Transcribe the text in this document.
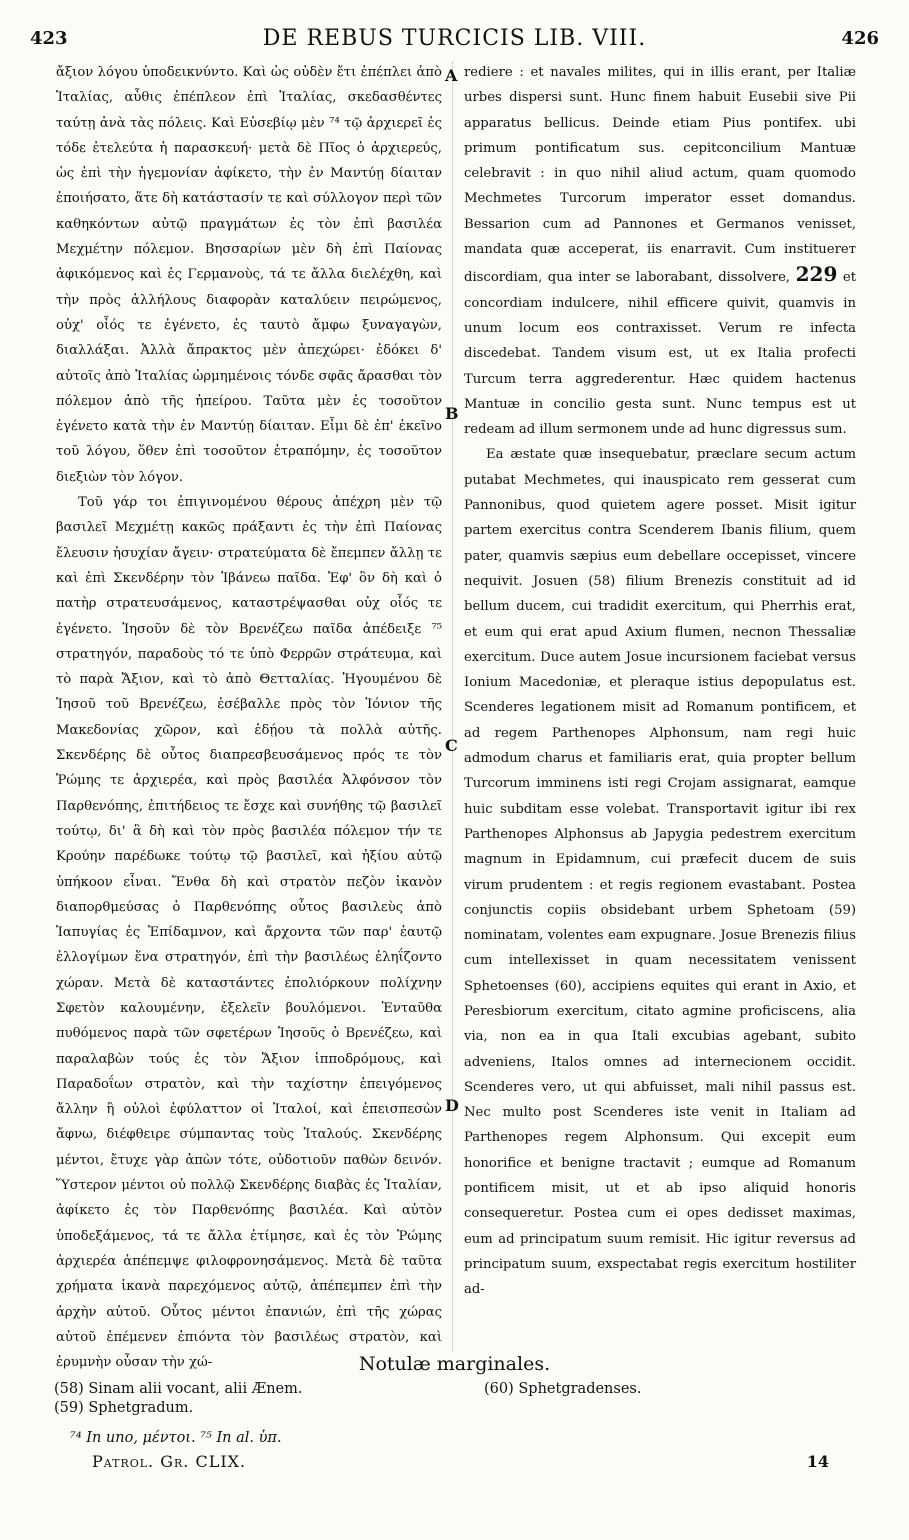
423	DE REBUS TURCICIS LIB. VIII.	426

ἄξιον λόγου ὑποδεικνύντο. Καὶ ὡς οὐδὲν ἔτι ἐπέπλει ἀπὸ Ἰταλίας, αὖθις ἐπέπλεον ἐπὶ Ἰταλίας, σκεδασθέντες ταύτῃ ἀνὰ τὰς πόλεις. Καὶ Εὐσεβίῳ μὲν ⁷⁴ τῷ ἀρχιερεῖ ἐς τόδε ἐτελεύτα ἡ παρασκευή· μετὰ δὲ Πῖος ὁ ἀρχιερεύς, ὡς ἐπὶ τὴν ἡγεμονίαν ἀφίκετο, τὴν ἐν Μαντύῃ δίαιταν ἐποιήσατο, ἅτε δὴ κατάστασίν τε καὶ σύλλογον περὶ τῶν καθηκόντων αὐτῷ πραγμάτων ἐς τὸν ἐπὶ βασιλέα Μεχμέτην πόλεμον. Βησσαρίων μὲν δὴ ἐπὶ Παίονας ἀφικόμενος καὶ ἐς Γερμανοὺς, τά τε ἄλλα διελέχθη, καὶ τὴν πρὸς ἀλλήλους διαφορὰν καταλύειν πειρώμενος, οὐχ' οἷός τε ἐγένετο, ἐς ταυτὸ ἄμφω ξυναγαγὼν, διαλλάξαι. Ἀλλὰ ἄπρακτος μὲν ἀπεχώρει· ἐδόκει δ' αὐτοῖς ἀπὸ Ἰταλίας ὡρμημένοις τόνδε σφᾶς ἄρασθαι τὸν πόλεμον ἀπὸ τῆς ἠπείρου. Ταῦτα μὲν ἐς τοσοῦτον ἐγένετο κατὰ τὴν ἐν Μαντύῃ δίαιταν. Εἶμι δὲ ἐπ' ἐκεῖνο τοῦ λόγου, ὅθεν ἐπὶ τοσοῦτον ἐτραπόμην, ἐς τοσοῦτον διεξιὼν τὸν λόγον.

Τοῦ γάρ τοι ἐπιγινομένου θέρους ἀπέχρη μὲν τῷ βασιλεῖ Μεχμέτῃ κακῶς πράξαντι ἐς τὴν ἐπὶ Παίονας ἔλευσιν ἡσυχίαν ἄγειν· στρατεύματα δὲ ἔπεμπεν ἄλλῃ τε καὶ ἐπὶ Σκενδέρην τὸν Ἰβάνεω παῖδα. Ἐφ' ὃν δὴ καὶ ὁ πατὴρ στρατευσάμενος, καταστρέψασθαι οὐχ οἷός τε ἐγένετο. Ἰησοῦν δὲ τὸν Βρενέζεω παῖδα ἀπέδειξε ⁷⁵ στρατηγόν, παραδοὺς τό τε ὑπὸ Φερρῶν στράτευμα, καὶ τὸ παρὰ Ἄξιον, καὶ τὸ ἀπὸ Θετταλίας. Ἡγουμένου δὲ Ἰησοῦ τοῦ Βρενέζεω, ἐσέβαλλε πρὸς τὸν Ἰόνιον τῆς Μακεδονίας χῶρον, καὶ ἐδῄου τὰ πολλὰ αὐτῆς. Σκενδέρης δὲ οὗτος διαπρεσβευσάμενος πρός τε τὸν Ῥώμης τε ἀρχιερέα, καὶ πρὸς βασιλέα Ἀλφόνσον τὸν Παρθενόπης, ἐπιτήδειος τε ἔσχε καὶ συνήθης τῷ βασιλεῖ τούτῳ, δι' ἃ δὴ καὶ τὸν πρὸς βασιλέα πόλεμον τήν τε Κρούην παρέδωκε τούτῳ τῷ βασιλεῖ, καὶ ἠξίου αὐτῷ ὑπήκοον εἶναι. Ἔνθα δὴ καὶ στρατὸν πεζὸν ἱκανὸν διαπορθμεύσας ὁ Παρθενόπης οὗτος βασιλεὺς ἀπὸ Ἰαπυγίας ἐς Ἐπίδαμνον, καὶ ἄρχοντα τῶν παρ' ἑαυτῷ ἐλλογίμων ἕνα στρατηγόν, ἐπὶ τὴν βασιλέως ἐληΐζοντο χώραν. Μετὰ δὲ καταστάντες ἐπολιόρκουν πολίχνην Σφετὸν καλουμένην, ἐξελεῖν βουλόμενοι. Ἐνταῦθα πυθόμενος παρὰ τῶν σφετέρων Ἰησοῦς ὁ Βρενέζεω, καὶ παραλαβὼν τούς ἐς τὸν Ἄξιον ἱπποδρόμους, καὶ Παραδοΐων στρατὸν, καὶ τὴν ταχίστην ἐπειγόμενος ἄλλην ἢ οὐλοὶ ἐφύλαττον οἱ Ἰταλοί, καὶ ἐπεισπεσὼν ἄφνω, διέφθειρε σύμπαντας τοὺς Ἰταλούς. Σκενδέρης μέντοι, ἔτυχε γὰρ ἀπὼν τότε, οὐδοτιοῦν παθὼν δεινόν. Ὕστερον μέντοι οὐ πολλῷ Σκενδέρης διαβὰς ἐς Ἰταλίαν, ἀφίκετο ἐς τὸν Παρθενόπης βασιλέα. Καὶ αὐτὸν ὑποδεξάμενος, τά τε ἄλλα ἐτίμησε, καὶ ἐς τὸν Ῥώμης ἀρχιερέα ἀπέπεμψε φιλοφρονησάμενος. Μετὰ δὲ ταῦτα χρήματα ἱκανὰ παρεχόμενος αὐτῷ, ἀπέπεμπεν ἐπὶ τὴν ἀρχὴν αὐτοῦ. Οὗτος μέντοι ἐπανιών, ἐπὶ τῆς χώρας αὐτοῦ ἐπέμενεν ἐπιόντα τὸν βασιλέως στρατὸν, καὶ ἐρυμνὴν οὖσαν τὴν χώ-

A
B
C
D

rediere : et navales milites, qui in illis erant, per Italiæ urbes dispersi sunt. Hunc finem habuit Eusebii sive Pii apparatus bellicus. Deinde etiam Pius pontifex. ubi primum pontificatum sus. cepitconcilium Mantuæ celebravit : in quo nihil aliud actum, quam quomodo Mechmetes Turcorum imperator esset domandus. Bessarion cum ad Pannones et Germanos venisset, mandata quæ acceperat, iis enarravit. Cum instituerет discordiam, qua inter se laborabant, dissolvere, 229 et concordiam indulcere, nihil efficere quivit, quamvis in unum locum eos contraxisset. Verum re infecta discedebat. Tandem visum est, ut ex Italia profecti Turcum terra aggrederentur. Hæc quidem hactenus Mantuæ in concilio gesta sunt. Nunc tempus est ut redeam ad illum sermonem unde ad hunc digressus sum.

Ea æstate quæ insequebatur, præclare secum actum putabat Mechmetes, qui inauspicato rem gesserat cum Pannonibus, quod quietem agere posset. Misit igitur partem exercitus contra Scenderem Ibanis filium, quem pater, quamvis sæpius eum debellare occepisset, vincere nequivit. Josuen (58) filium Brenezis constituit ad id bellum ducem, cui tradidit exercitum, qui Pherrhis erat, et eum qui erat apud Axium flumen, necnon Thessaliæ exercitum. Duce autem Josue incursionem faciebat versus Ionium Macedoniæ, et pleraque istius depopulatus est. Scenderes legationem misit ad Romanum pontificem, et ad regem Parthenopes Alphonsum, nam regi huic admodum charus et familiaris erat, quia propter bellum Turcorum imminens isti regi Crojam assignarat, eamque huic subditam esse volebat. Transportavit igitur ibi rex Parthenopes Alphonsus ab Japygia pedestrem exercitum magnum in Epidamnum, cui præfecit ducem de suis virum prudentem : et regis regionem evastabant. Postea conjunctis copiis obsidebant urbem Sphetoam (59) nominatam, volentes eam expugnare. Josue Brenezis filius cum intellexisset in quam necessitatem venissent Sphetoenses (60), accipiens equites qui erant in Axio, et Peresbiorum exercitum, citato agmine proficiscens, alia via, non ea in qua Itali excubias agebant, subito adveniens, Italos omnes ad internecionem occidit. Scenderes vero, ut qui abfuisset, mali nihil passus est. Nec multo post Scenderes iste venit in Italiam ad Parthenopes regem Alphonsum. Qui excepit eum honorifice et benigne tractavit ; eumque ad Romanum pontificem misit, ut et ab ipso aliquid honoris consequeretur. Postea cum ei opes dedisset maximas, eum ad principatum suum remisit. Hic igitur reversus ad principatum suum, exspectabat regis exercitum hostiliter ad-

Notulæ marginales.
(58) Sinam alii vocant, alii Ænem.
(59) Sphetgradum.
(60) Sphetgradenses.
⁷⁴ In uno, μέντοι. ⁷⁵ In al. ὑπ.
Patrol. Gr. CLIX.	14
